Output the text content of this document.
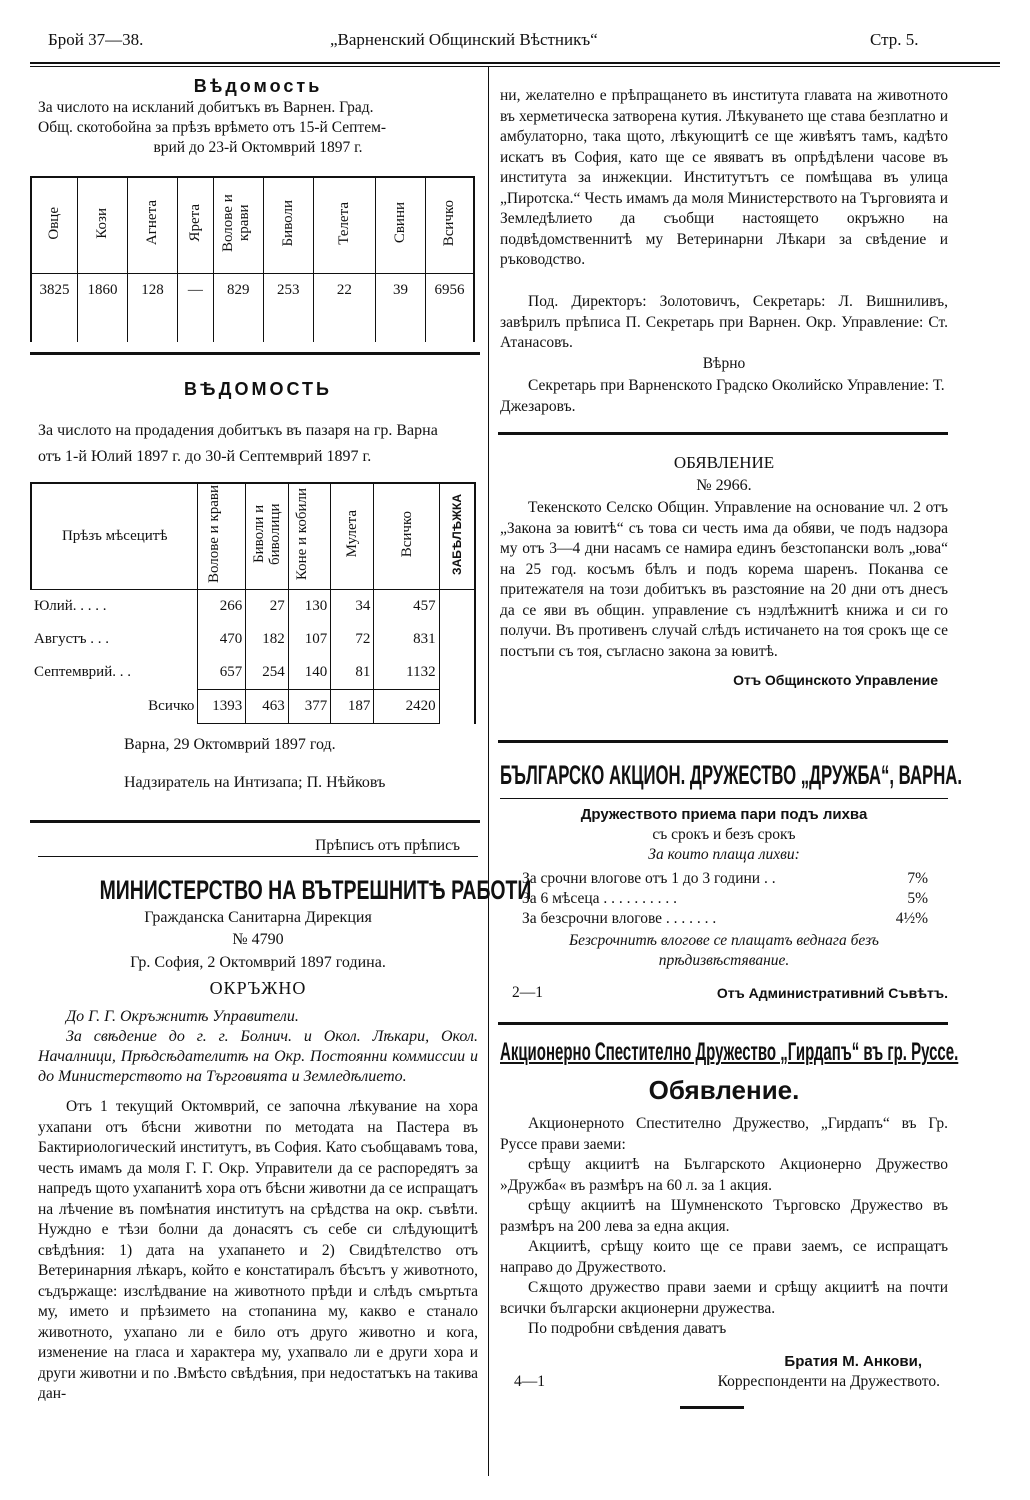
Брой 37—38.	„Варненский Общинский Вѣстникъ“	Стр. 5.
Вѣдомость
За числото на исклaний добитъкъ въ Варнен. Град.
Общ. скотобойна за прѣзъ врѣмето отъ 15-й Септем-
врий до 23-й Октомврий 1897 г.
Овце	Кози	Агнета	Ярета	Волове и крави	Биволи	Телета	Свини	Всичко
3825	1860	128	—	829	253	22	39	6956
ВѢДОМОСТЬ
За числото на продадения добитъкъ въ пазаря на гр. Варна
отъ 1-й Юлий 1897 г. до 30-й Септемврий 1897 г.
Прѣзъ мѣсецитѣ	Волове и крави	Биволи и биволици	Коне и кобили	Мулета	Всичко	ЗАБѢЛѢЖКА
Юлий. . . . .	266	27	130	34	457	
Августъ . . .	470	182	107	72	831	
Септемврий. . .	657	254	140	81	1132	
Всичко	1393	463	377	187	2420	
Варна, 29 Октомврий 1897 год.
Надзиратель на Интизапа; П. Нѣйковъ
Прѣписъ отъ прѣписъ
МИНИСТЕРСТВО НА ВЪТРЕШНИТѢ РАБОТИ
Гражданска Санитарна Дирекция
№ 4790
Гр. София, 2 Октомврий 1897 година.
ОКРЪЖНО
До Г. Г. Окръжнитѣ Управители.
За свѣдение до г. г. Болнич. и Окол. Лѣкари, Окол. Началници, Прѣдсѣдателитѣ на Окр. Постоянни коммиссии и до Министерството на Търговията и Земледѣлието.
Отъ 1 текущий Октомврий, се започна лѣкувание на хора ухапани отъ бѣсни животни по методата на Пастера въ Бактириологический институтъ, въ София. Като съобщавамъ това, честь имамъ да моля Г. Г. Окр. Управители да се распоредятъ за напредъ щото ухапанитѣ хора отъ бѣсни животни да се испращатъ на лѣчение въ помѣнатия институтъ на срѣдства на окр. съвѣти. Нуждно е тѣзи болни да донасятъ съ себе си слѣдующитѣ свѣдѣния: 1) дата на ухапането и 2) Свидѣтелство отъ Ветеринарния лѣкаръ, който е констатиралъ бѣсътъ у животното, съдържаще: изслѣдвание на животното прѣди и слѣдъ смъртьта му, името и прѣзимето на стопанина му, какво е станало животното, ухапано ли е било отъ друго животно и кога, изменение на гласа и характера му, ухапвало ли е други хора и други животни и по .Вмѣсто свѣдѣния, при недостатъкъ на такива дан-
ни, желателно е прѣпращането въ института главата на животното въ херметическа затворена кутия. Лѣкуването ще става безплатно и амбулаторно, така щото, лѣкующитѣ се ще живѣятъ тамъ, кадѣто искатъ въ София, като ще се явяватъ въ опрѣдѣлени часове въ института за инжекции. Институтътъ се помѣщава въ улица „Пиротска.“ Честь имамъ да моля Министерството на Търговията и Земледѣлието да съобщи настоящето окръжно на подвѣдомственнитѣ му Ветеринарни Лѣкари за свѣдение и ръководство.
Под. Директоръ: Золотовичъ, Секретарь: Л. Вишниливъ, завѣрилъ прѣписа П. Секретарь при Варнен. Окр. Управление: Ст. Атанасовъ.
Вѣрно
Секретарь при Варненското Градско Околийско Управление: Т. Джезаровъ.
ОБЯВЛЕНИЕ
№ 2966.
Текенското Селско Общин. Управление на основание чл. 2 отъ „Закона за ювитѣ“ съ това си честь има да обяви, че подъ надзора му отъ 3—4 дни насамъ се намира единъ безстопански волъ „юва“ на 25 год. косъмъ бѣлъ и подъ корема шаренъ. Поканва се притежателя на този добитъкъ въ разстояние на 20 дни отъ днесъ да се яви въ общин. управление съ нэдлѣжнитѣ книжа и си го получи. Въ противенъ случай слѣдъ истичането на тоя срокъ ще се постъпи съ тоя, съгласно закона за ювитѣ.
Отъ Общинското Управление
БЪЛГАРСКО АКЦИОН. ДРУЖЕСТВО „ДРУЖБА“, ВАРНА.
Дружеството приема пари подъ лихва
съ срокъ и безъ срокъ
За които плаща лихви:
За срочни влогове отъ 1 до 3 години . .	7%
За 6 мѣсеца . . . . . . . . . .	5%
За безсрочни влогове . . . . . . .	4½%
Безсрочнитѣ влогове се плащатъ веднага безъ прѣдизвѣстявание.
2—1	Отъ Административний Съвѣтъ.
Акционерно Спестително Дружество „Гирдапъ“ въ гр. Руссе.
Обявление.
Акционерното Спестително Дружество, „Гирдапъ“ въ Гр. Руссе прави заеми:
срѣщу акциитѣ на Българското Акционерно Дружество »Дружба« въ размѣръ на 60 л. за 1 акция.
срѣщу акциитѣ на Шумненското Търговско Дружество въ размѣръ на 200 лева за една акция.
Акциитѣ, срѣщу които ще се прави заемъ, се испращатъ направо до Дружеството.
Сѫщото дружество прави заеми и срѣщу акциитѣ на почти всички български акционерни дружества.
По подробни свѣдения даватъ
Братия М. Анкови,
4—1	Корреспонденти на Дружеството.
